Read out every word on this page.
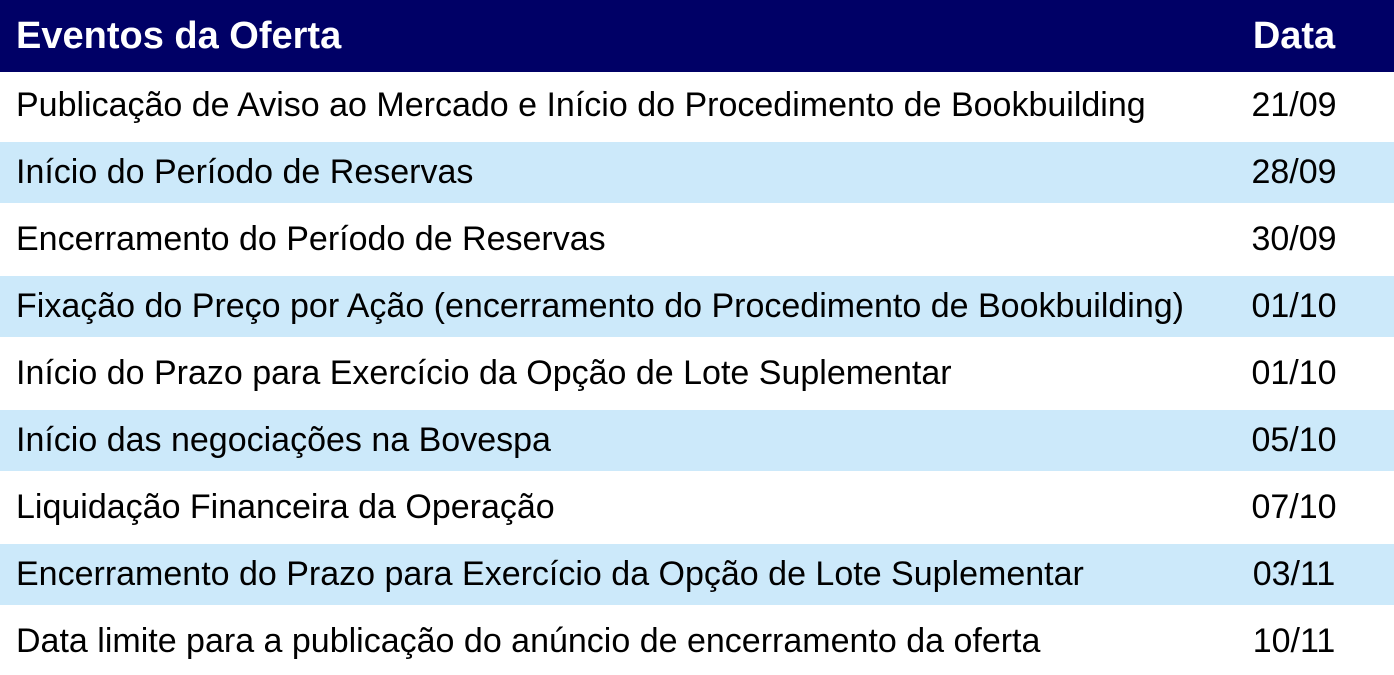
Eventos da Oferta	Data
Publicação de Aviso ao Mercado e Início do Procedimento de Bookbuilding	21/09
Início do Período de Reservas	28/09
Encerramento do Período de Reservas	30/09
Fixação do Preço por Ação (encerramento do Procedimento de Bookbuilding)	01/10
Início do Prazo para Exercício da Opção de Lote Suplementar	01/10
Início das negociações na Bovespa	05/10
Liquidação Financeira da Operação	07/10
Encerramento do Prazo para Exercício da Opção de Lote Suplementar	03/11
Data limite para a publicação do anúncio de encerramento da oferta	10/11
